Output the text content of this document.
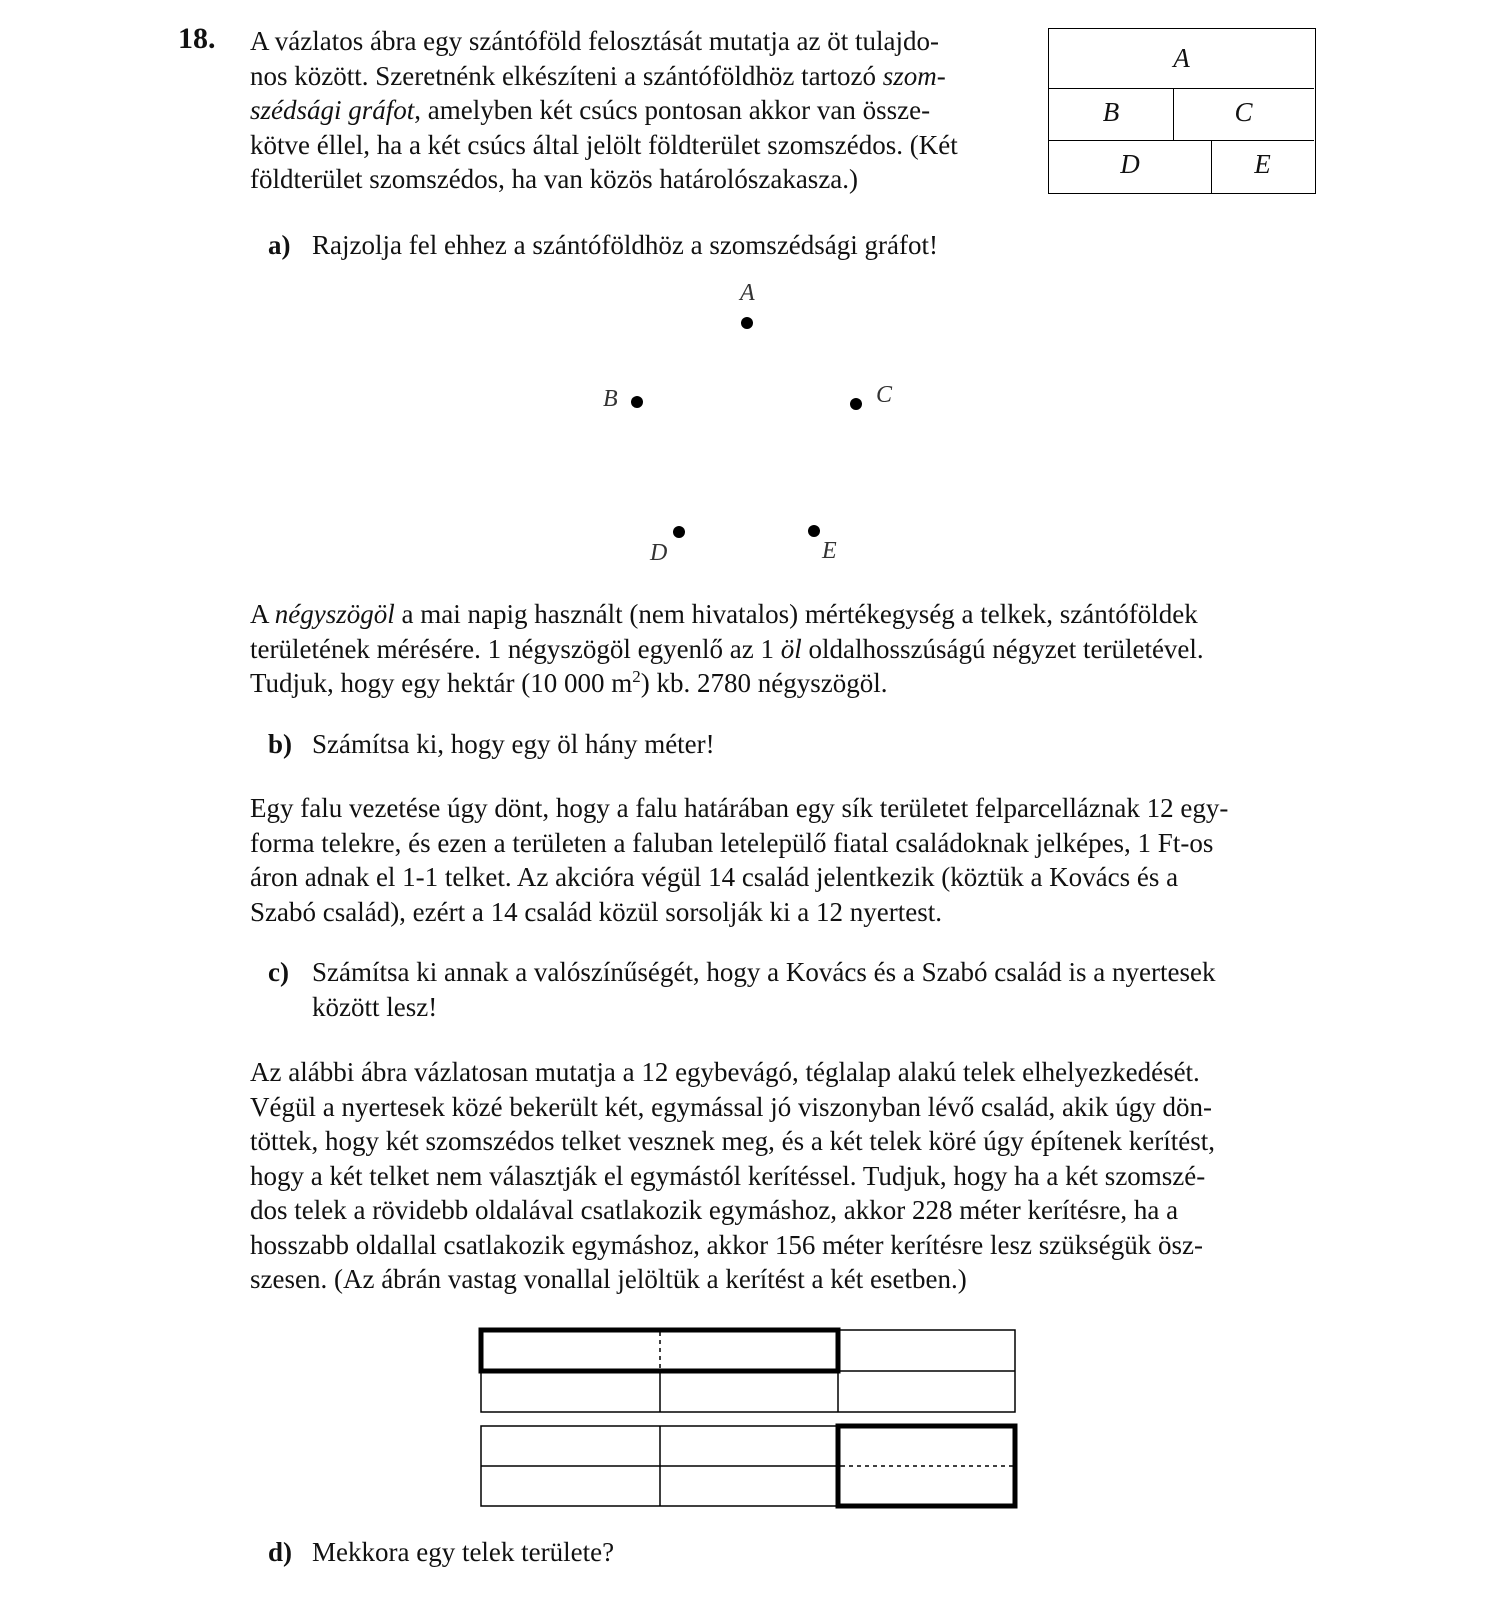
18. A vázlatos ábra egy szántóföld felosztását mutatja az öt tulajdo-
nos között. Szeretnénk elkészíteni a szántóföldhöz tartozó szom-
szédsági gráfot, amelyben két csúcs pontosan akkor van össze-
kötve éllel, ha a két csúcs által jelölt földterület szomszédos. (Két
földterület szomszédos, ha van közös határolószakasza.)
A
B	C
D	E
a) Rajzolja fel ehhez a szántóföldhöz a szomszédsági gráfot!
A
B	C
D	E
A négyszögöl a mai napig használt (nem hivatalos) mértékegység a telkek, szántóföldek
területének mérésére. 1 négyszögöl egyenlő az 1 öl oldalhosszúságú négyzet területével.
Tudjuk, hogy egy hektár (10 000 $m^2$) kb. 2780 négyszögöl.
b) Számítsa ki, hogy egy öl hány méter!
Egy falu vezetése úgy dönt, hogy a falu határában egy sík területet felparcelláznak 12 egy-
forma telekre, és ezen a területen a faluban letelepülő fiatal családoknak jelképes, 1 Ft-os
áron adnak el 1-1 telket. Az akcióra végül 14 család jelentkezik (köztük a Kovács és a
Szabó család), ezért a 14 család közül sorsolják ki a 12 nyertest.
c) Számítsa ki annak a valószínűségét, hogy a Kovács és a Szabó család is a nyertesek
között lesz!
Az alábbi ábra vázlatosan mutatja a 12 egybevágó, téglalap alakú telek elhelyezkedését.
Végül a nyertesek közé bekerült két, egymással jó viszonyban lévő család, akik úgy dön-
töttek, hogy két szomszédos telket vesznek meg, és a két telek köré úgy építenek kerítést,
hogy a két telket nem választják el egymástól kerítéssel. Tudjuk, hogy ha a két szomszé-
dos telek a rövidebb oldalával csatlakozik egymáshoz, akkor 228 méter kerítésre, ha a
hosszabb oldallal csatlakozik egymáshoz, akkor 156 méter kerítésre lesz szükségük ösz-
szesen. (Az ábrán vastag vonallal jelöltük a kerítést a két esetben.)
d) Mekkora egy telek területe?
